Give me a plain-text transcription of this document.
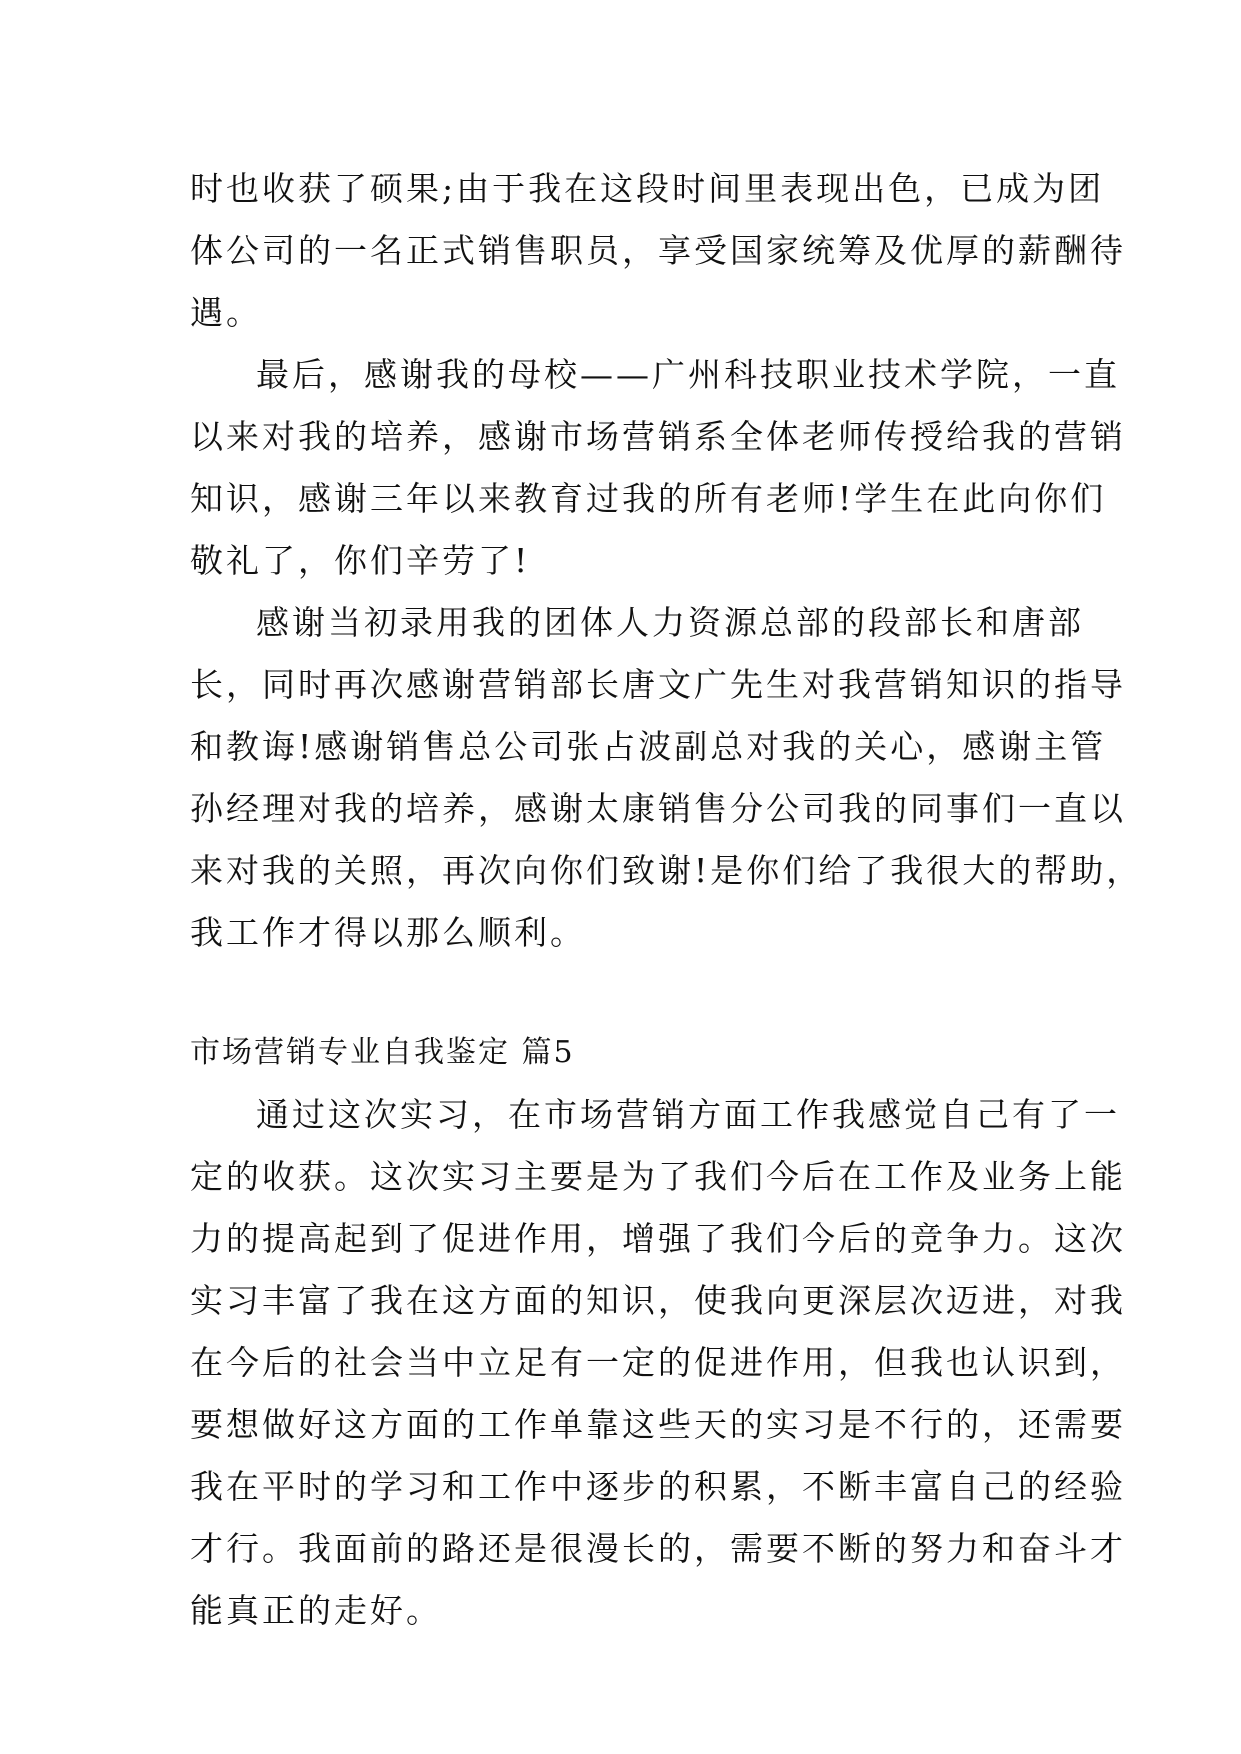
时也收获了硕果;由于我在这段时间里表现出色，已成为团
体公司的一名正式销售职员，享受国家统筹及优厚的薪酬待
遇。
最后，感谢我的母校——广州科技职业技术学院，一直
以来对我的培养，感谢市场营销系全体老师传授给我的营销
知识，感谢三年以来教育过我的所有老师!学生在此向你们
敬礼了，你们辛劳了!
感谢当初录用我的团体人力资源总部的段部长和唐部
长，同时再次感谢营销部长唐文广先生对我营销知识的指导
和教诲!感谢销售总公司张占波副总对我的关心，感谢主管
孙经理对我的培养，感谢太康销售分公司我的同事们一直以
来对我的关照，再次向你们致谢!是你们给了我很大的帮助，
我工作才得以那么顺利。
市场营销专业自我鉴定 篇5
通过这次实习，在市场营销方面工作我感觉自己有了一
定的收获。这次实习主要是为了我们今后在工作及业务上能
力的提高起到了促进作用，增强了我们今后的竞争力。这次
实习丰富了我在这方面的知识，使我向更深层次迈进，对我
在今后的社会当中立足有一定的促进作用，但我也认识到，
要想做好这方面的工作单靠这些天的实习是不行的，还需要
我在平时的学习和工作中逐步的积累，不断丰富自己的经验
才行。我面前的路还是很漫长的，需要不断的努力和奋斗才
能真正的走好。
